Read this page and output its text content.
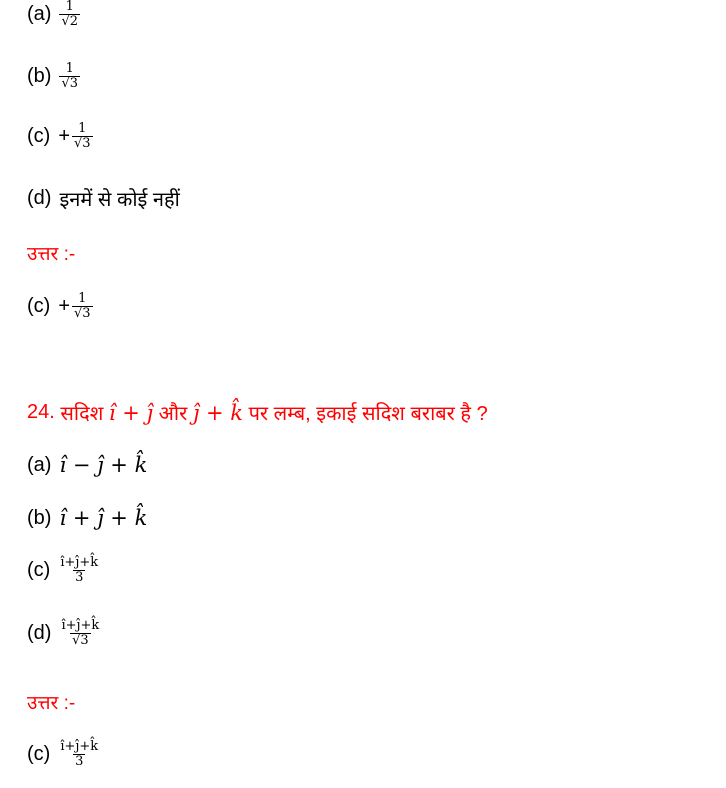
$(a) \frac{1}{√2}$
$(b) \frac{1}{√3}$
$(c) + \frac{1}{√3}$
(d) इनमें से कोई नहीं
उत्तर :-
$(c) + \frac{1}{√3}$
24.
सदिश
î + ĵ
और
ĵ + k̂
पर लम्ब, इकाई सदिश बराबर है ?
(a) î − ĵ + k̂
(b) î + ĵ + k̂
$(c) \frac{î+ĵ+k̂}{3}$
$(d) \frac{î+ĵ+k̂}{√3}$
उत्तर :-
$(c) \frac{î+ĵ+k̂}{3}$
